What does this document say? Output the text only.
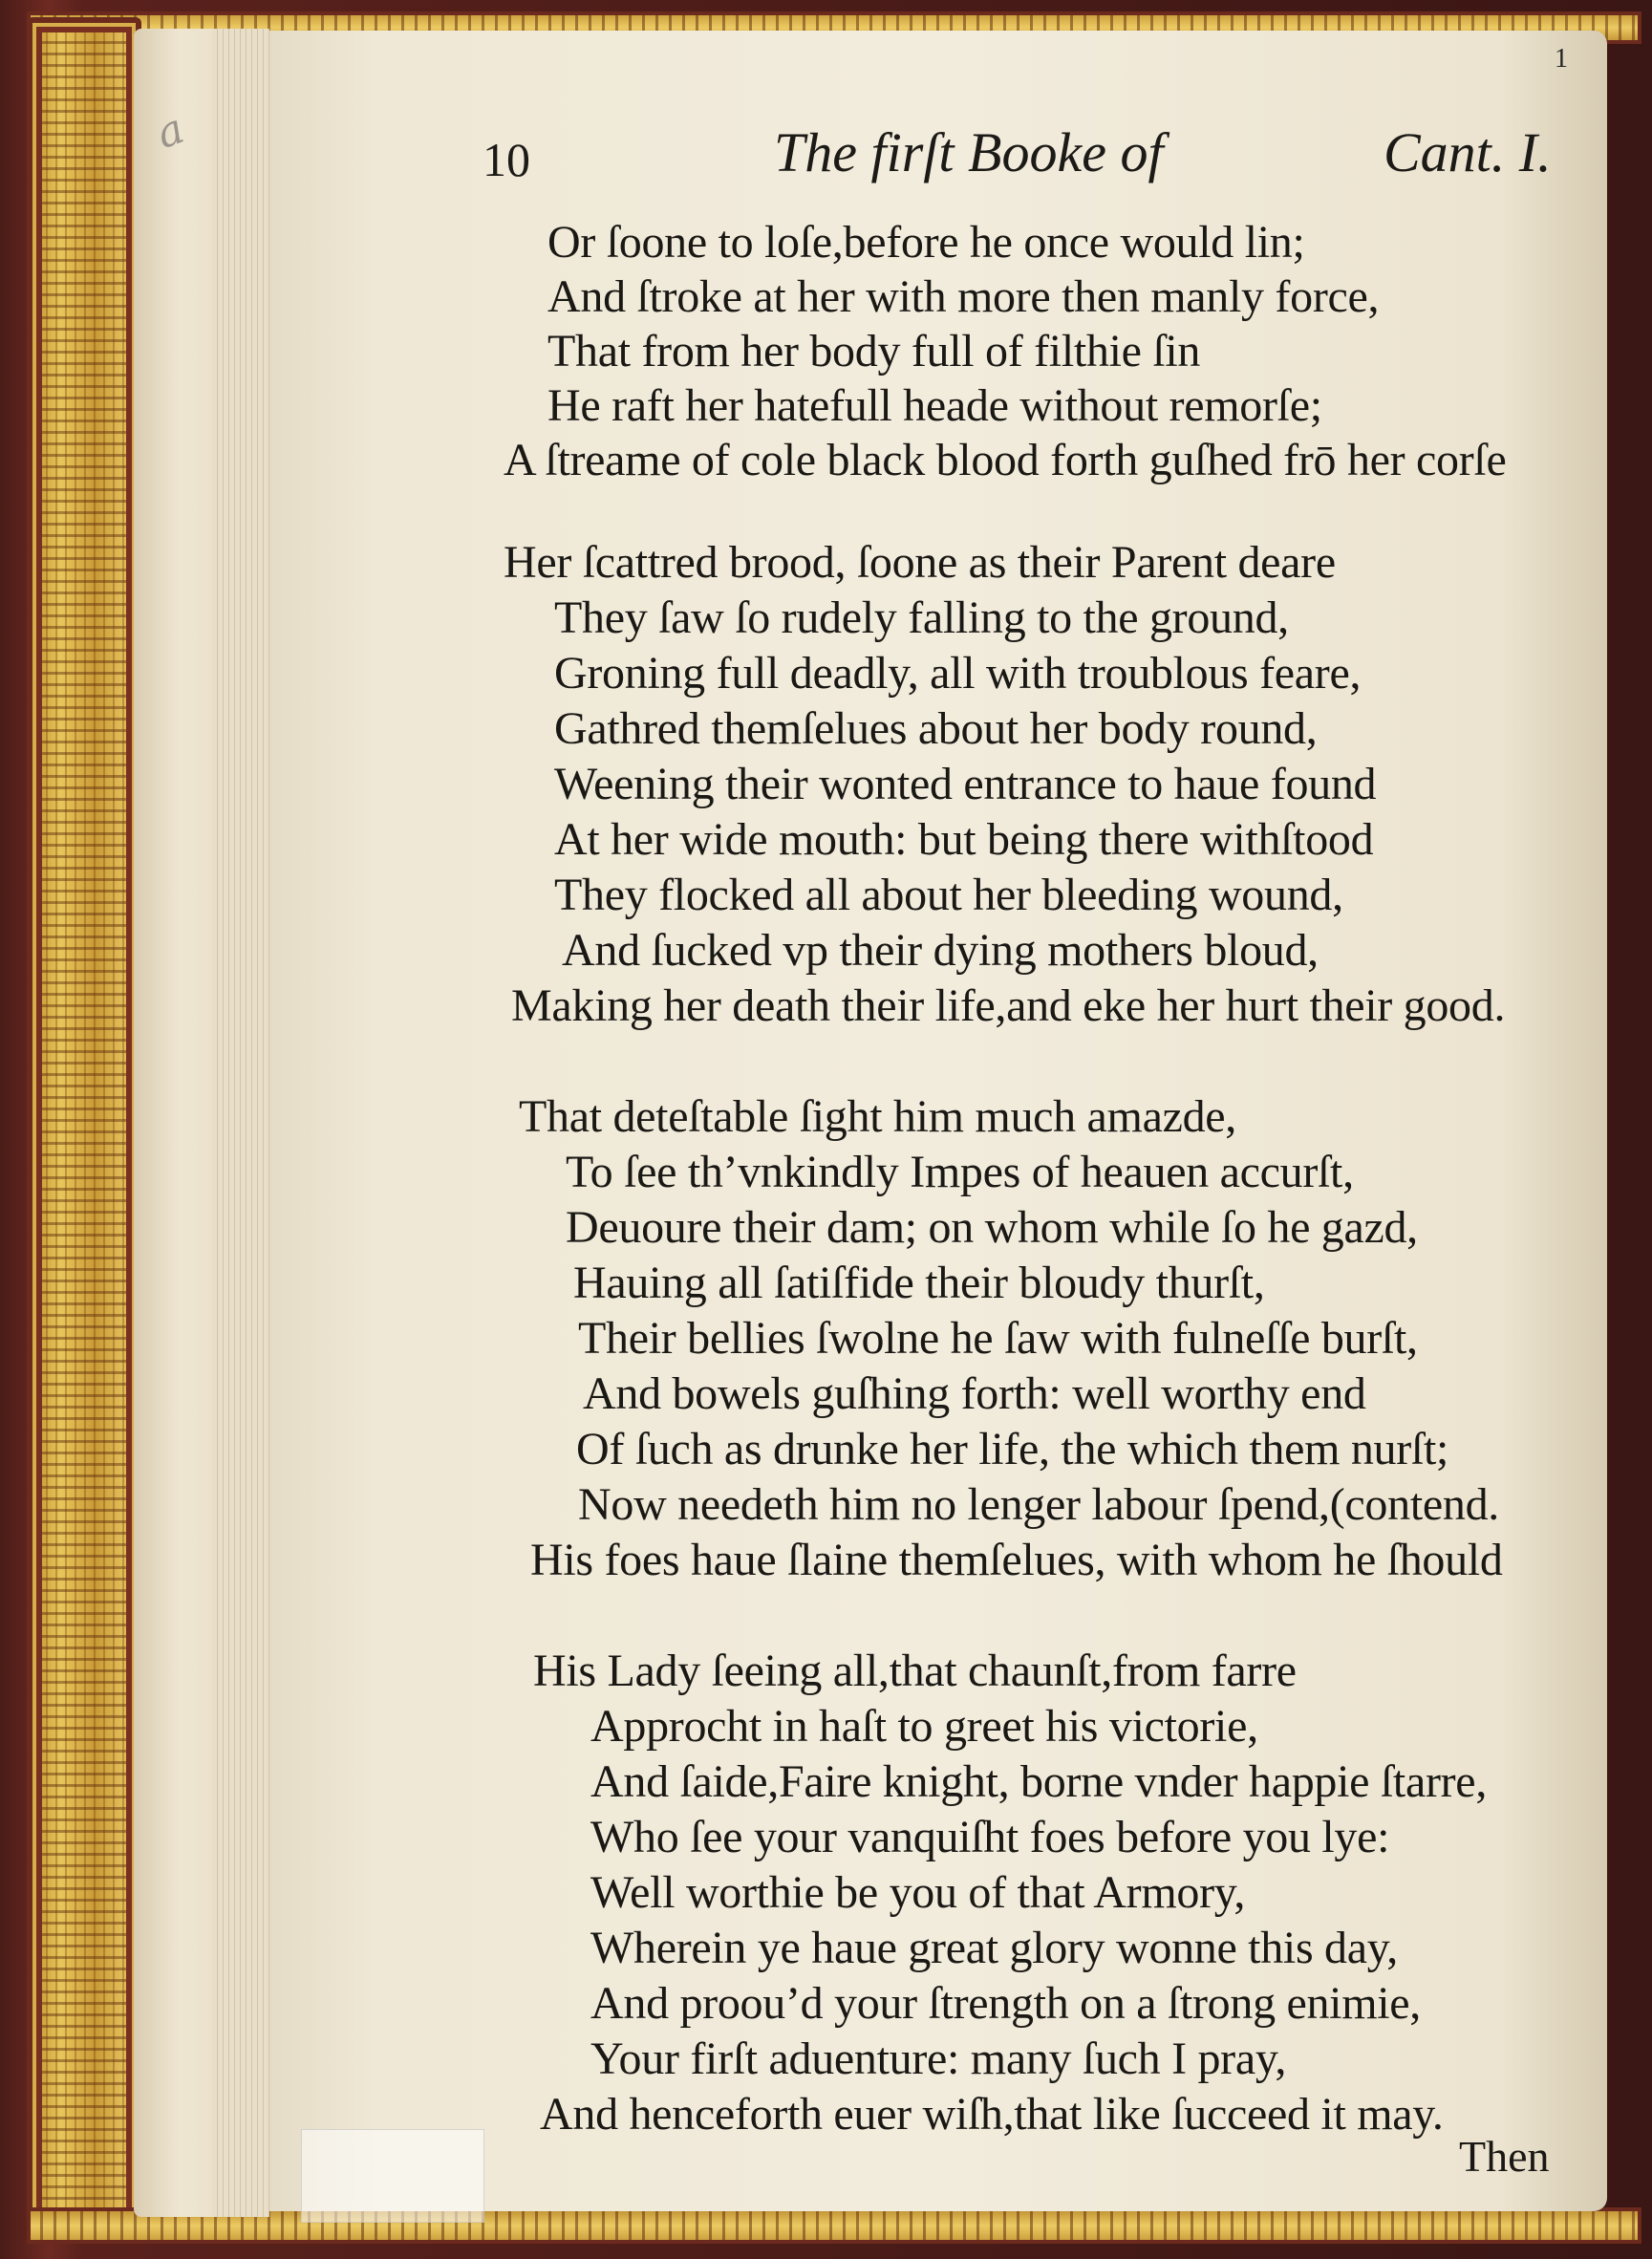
a
1
10	The firſt Booke of	Cant. I.
Or ſoone to loſe,before he once would lin;
And ſtroke at her with more then manly force,
That from her body full of filthie ſin
He raft her hatefull heade without remorſe;
A ſtreame of cole black blood forth guſhed frō her corſe
Her ſcattred brood, ſoone as their Parent deare
They ſaw ſo rudely falling to the ground,
Groning full deadly, all with troublous feare,
Gathred themſelues about her body round,
Weening their wonted entrance to haue found
At her wide mouth: but being there withſtood
They flocked all about her bleeding wound,
And ſucked vp their dying mothers bloud,
Making her death their life,and eke her hurt their good.
That deteſtable ſight him much amazde,
To ſee th’vnkindly Impes of heauen accurſt,
Deuoure their dam; on whom while ſo he gazd,
Hauing all ſatiſfide their bloudy thurſt,
Their bellies ſwolne he ſaw with fulneſſe burſt,
And bowels guſhing forth: well worthy end
Of ſuch as drunke her life, the which them nurſt;
Now needeth him no lenger labour ſpend,(contend.
His foes haue ſlaine themſelues, with whom he ſhould
His Lady ſeeing all,that chaunſt,from farre
Approcht in haſt to greet his victorie,
And ſaide,Faire knight, borne vnder happie ſtarre,
Who ſee your vanquiſht foes before you lye:
Well worthie be you of that Armory,
Wherein ye haue great glory wonne this day,
And proou’d your ſtrength on a ſtrong enimie,
Your firſt aduenture: many ſuch I pray,
And henceforth euer wiſh,that like ſucceed it may.
Then
